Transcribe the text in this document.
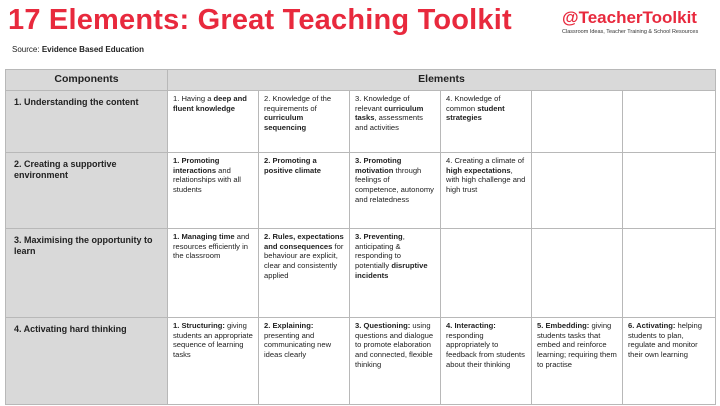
17 Elements: Great Teaching Toolkit	@TeacherToolkit
Classroom Ideas, Teacher Training & School Resources
Source: Evidence Based Education
Components	Elements					
1. Understanding the content	1. Having a deep and fluent knowledge	2. Knowledge of the requirements of curriculum sequencing	3. Knowledge of relevant curriculum tasks, assessments and activities	4. Knowledge of common student strategies		
2. Creating a supportive environment	1. Promoting interactions and relationships with all students	2. Promoting a positive climate	3. Promoting motivation through feelings of competence, autonomy and relatedness	4. Creating a climate of high expectations, with high challenge and high trust		
3. Maximising the opportunity to learn	1. Managing time and resources efficiently in the classroom	2. Rules, expectations and consequences for behaviour are explicit, clear and consistently applied	3. Preventing, anticipating & responding to potentially disruptive incidents			
4. Activating hard thinking	1. Structuring: giving students an appropriate sequence of learning tasks	2. Explaining: presenting and communicating new ideas clearly	3. Questioning: using questions and dialogue to promote elaboration and connected, flexible thinking	4. Interacting: responding appropriately to feedback from students about their thinking	5. Embedding: giving students tasks that embed and reinforce learning; requiring them to practise	6. Activating: helping students to plan, regulate and monitor their own learning
